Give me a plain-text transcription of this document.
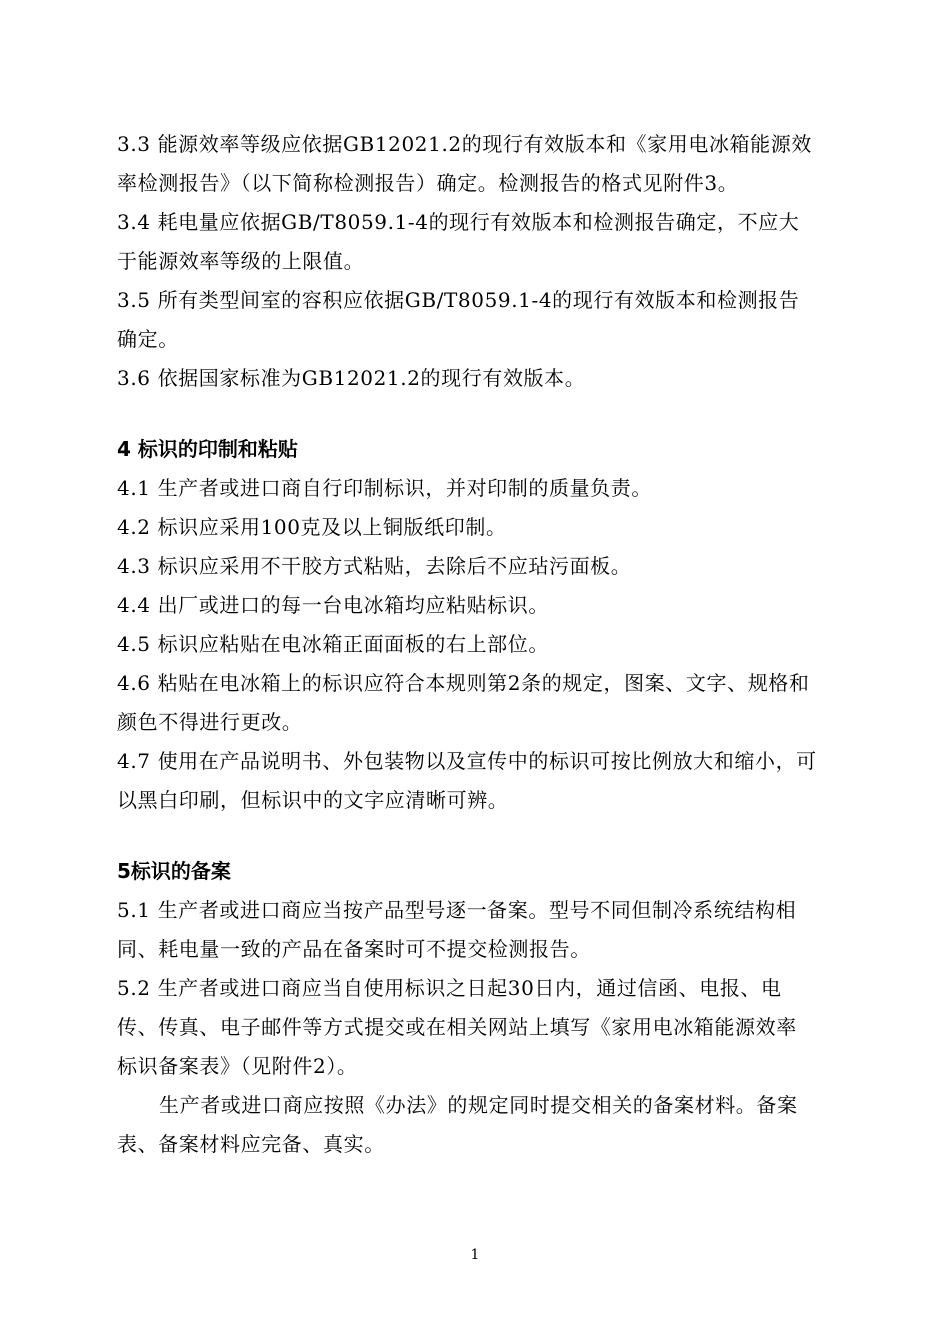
3.3 能源效率等级应依据GB12021.2的现行有效版本和《家用电冰箱能源效率检测报告》（以下简称检测报告）确定。检测报告的格式见附件3。

3.4 耗电量应依据GB/T8059.1-4的现行有效版本和检测报告确定，不应大于能源效率等级的上限值。

3.5 所有类型间室的容积应依据GB/T8059.1-4的现行有效版本和检测报告确定。

3.6 依据国家标准为GB12021.2的现行有效版本。

4 标识的印制和粘贴

4.1 生产者或进口商自行印制标识，并对印制的质量负责。

4.2 标识应采用100克及以上铜版纸印制。

4.3 标识应采用不干胶方式粘贴，去除后不应玷污面板。

4.4 出厂或进口的每一台电冰箱均应粘贴标识。

4.5 标识应粘贴在电冰箱正面面板的右上部位。

4.6 粘贴在电冰箱上的标识应符合本规则第2条的规定，图案、文字、规格和颜色不得进行更改。

4.7 使用在产品说明书、外包装物以及宣传中的标识可按比例放大和缩小，可以黑白印刷，但标识中的文字应清晰可辨。

5标识的备案

5.1 生产者或进口商应当按产品型号逐一备案。型号不同但制冷系统结构相同、耗电量一致的产品在备案时可不提交检测报告。

5.2 生产者或进口商应当自使用标识之日起30日内，通过信函、电报、电传、传真、电子邮件等方式提交或在相关网站上填写《家用电冰箱能源效率标识备案表》（见附件2）。

生产者或进口商应按照《办法》的规定同时提交相关的备案材料。备案表、备案材料应完备、真实。

1
